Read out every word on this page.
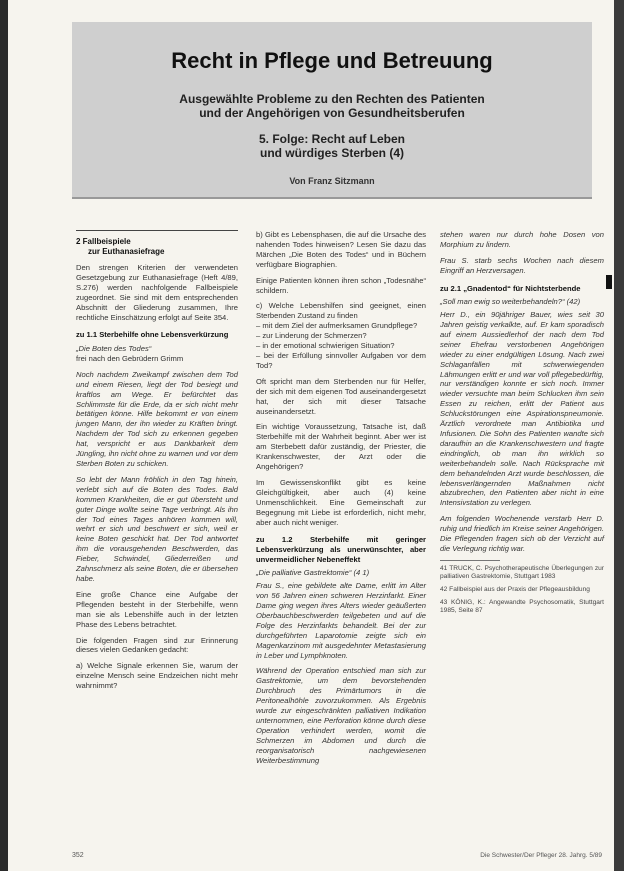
Recht in Pflege und Betreuung
Ausgewählte Probleme zu den Rechten des Patienten
und der Angehörigen von Gesundheitsberufen
5. Folge: Recht auf Leben
und würdiges Sterben (4)
Von Franz Sitzmann
2 Fallbeispiele
zur Euthanasiefrage

Den strengen Kriterien der verwendeten Gesetzgebung zur Euthanasiefrage (Heft 4/89, S.276) werden nachfolgende Fallbeispiele zugeordnet. Sie sind mit dem entsprechenden Abschnitt der Gliederung zusammen, Ihre rechtliche Einschätzung erfolgt auf Seite 354.

zu 1.1 Sterbehilfe ohne Lebensverkürzung
„Die Boten des Todes“

frei nach den Gebrüdern Grimm

Noch nachdem Zweikampf zwischen dem Tod und einem Riesen, liegt der Tod besiegt und kraftlos am Wege. Er befürchtet das Schlimmste für die Erde, da er sich nicht mehr betätigen könne. Hilfe bekommt er von einem jungen Mann, der ihn wieder zu Kräften bringt. Nachdem der Tod sich zu erkennen gegeben hat, verspricht er aus Dankbarkeit dem Jüngling, ihn nicht ohne zu warnen und vor dem Sterben Boten zu schicken.

So lebt der Mann fröhlich in den Tag hinein, verlebt sich auf die Boten des Todes. Bald kommen Krankheiten, die er gut übersteht und guter Dinge wollte seine Tage verbringt. Als ihn der Tod eines Tages anhören kommen will, wehrt er sich und beschwert er sich, weil er keine Boten geschickt hat. Der Tod antwortet ihm die vorausgehenden Beschwerden, das Fieber, Schwindel, Gliederreißen und Zahnschmerz als seine Boten, die er übersehen habe.

Eine große Chance eine Aufgabe der Pflegenden besteht in der Sterbehilfe, wenn man sie als Lebenshilfe auch in der letzten Phase des Lebens betrachtet.

Die folgenden Fragen sind zur Erinnerung dieses vielen Gedanken gedacht:

a) Welche Signale erkennen Sie, warum der einzelne Mensch seine Endzeichen nicht mehr wahrnimmt?

b) Gibt es Lebensphasen, die auf die Ursache des nahenden Todes hinweisen? Lesen Sie dazu das Märchen „Die Boten des Todes“ und in Büchern verfügbare Biographien.

Einige Patienten können ihren schon „Todesnähe“ schildern.

c) Welche Lebenshilfen sind geeignet, einen Sterbenden Zustand zu finden
– mit dem Ziel der aufmerksamen Grundpflege?
– zur Linderung der Schmerzen?
– in der emotional schwierigen Situation?

– bei der Erfüllung sinnvoller Aufgaben vor dem Tod?

Oft spricht man dem Sterbenden nur für Helfer, der sich mit dem eigenen Tod auseinandergesetzt hat, der sich mit dieser Tatsache auseinandersetzt.

Ein wichtige Voraussetzung, Tatsache ist, daß Sterbehilfe mit der Wahrheit beginnt. Aber wer ist am Sterbebett dafür zuständig, der Priester, die Krankenschwester, der Arzt oder die Angehörigen?

Im Gewissenskonflikt gibt es keine Gleichgültigkeit, aber auch (4) keine Unmenschlichkeit. Eine Gemeinschaft zur Begegnung mit Liebe ist erforderlich, nicht mehr, aber auch nicht weniger.

zu 1.2 Sterbehilfe mit geringer Lebensverkürzung als unerwünschter, aber unvermeidlicher Nebeneffekt
„Die palliative Gastrektomie“ (4 1)

Frau S., eine gebildete alte Dame, erlitt im Alter von 56 Jahren einen schweren Herzinfarkt. Einer Dame ging wegen ihres Alters wieder geäußerten Oberbauchbeschwerden teilgebeten und auf die Folge des Herzinfarkts behandelt. Bei der zur durchgeführten Laparotomie zeigte sich ein Magenkarzinom mit ausgedehnter Metastasierung in Leber und Lymphknoten.

Während der Operation entschied man sich zur Gastrektomie, um dem bevorstehenden Durchbruch des Primärtumors in die Peritonealhöhle zuvorzukommen. Als Ergebnis wurde zur eingeschränkten palliativen Indikation unternommen, eine Perforation könne durch diese Operation verhindert werden, womit die Schmerzen im Abdomen und durch die reorganisatorisch nachgewiesenen Weiterbestimmung

stehen waren nur durch hohe Dosen von Morphium zu lindern.

Frau S. starb sechs Wochen nach diesem Eingriff an Herzversagen.

zu 2.1 „Gnadentod“ für Nichtsterbende
„Soll man ewig so weiterbehandeln?“ (42)

Herr D., ein 90jähriger Bauer, wies seit 30 Jahren geistig verkalkte, auf. Er kam sporadisch auf einem Aussiedlerhof der nach dem Tod seiner Ehefrau verstorbenen Angehörigen wieder zu einer endgültigen Lösung. Nach zwei Schlaganfällen mit schwerwiegenden Lähmungen erlitt er und war voll pflegebedürftig, nur verständigen konnte er sich noch. Immer wieder versuchte man beim Schlucken ihm sein Essen zu reichen, erlitt der Patient aus Schluckstörungen eine Aspirationspneumonie. Ärztlich verordnete man Antibiotika und Infusionen. Die Sohn des Patienten wandte sich daraufhin an die Krankenschwestern und fragte eindringlich, ob man ihn wirklich so weiterbehandeln solle. Nach Rücksprache mit dem behandelnden Arzt wurde beschlossen, die lebensverlängernden Maßnahmen nicht abzubrechen, den Patienten aber nicht in eine Intensivstation zu verlegen.

Am folgenden Wochenende verstarb Herr D. ruhig und friedlich im Kreise seiner Angehörigen. Die Pflegenden fragen sich ob der Verzicht auf die Verlegung richtig war.

41 TRUCK, C. Psychotherapeutische Überlegungen zur palliativen Gastrektomie, Stuttgart 1983
42 Fallbeispiel aus der Praxis der Pflegeausbildung
43 KÖNIG, K.: Angewandte Psychosomatik, Stuttgart 1985, Seite 87
352	Die Schwester/Der Pfleger 28. Jahrg. 5/89
